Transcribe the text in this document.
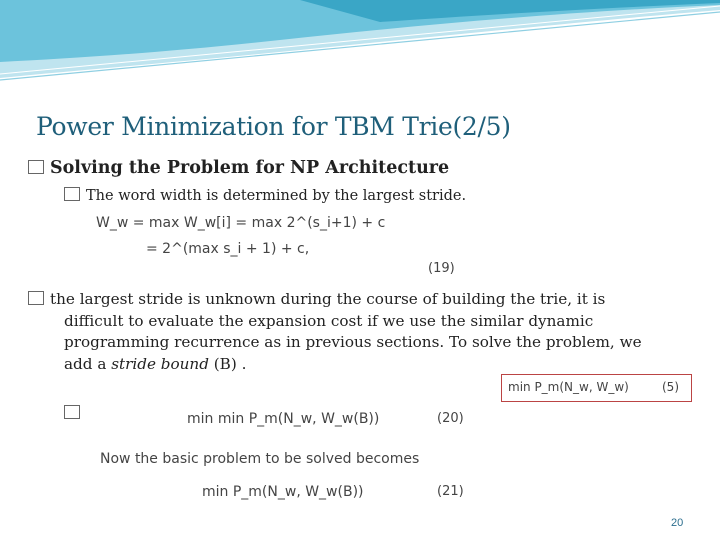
Power Minimization for TBM Trie(2/5)
Solving the Problem for NP Architecture
The word width is determined by the largest stride.
W_w = max W_w[i] = max 2^(s_i+1) + c
= 2^(max s_i + 1) + c,
(19)
the largest stride is unknown during the course of building the trie, it is
difficult to evaluate the expansion cost if we use the similar dynamic
programming recurrence as in previous sections. To solve the problem, we
add a stride bound (B) .
min P_m(N_w, W_w)	(5)
min min P_m(N_w, W_w(B))	(20)
Now the basic problem to be solved becomes
min P_m(N_w, W_w(B))	(21)
20
